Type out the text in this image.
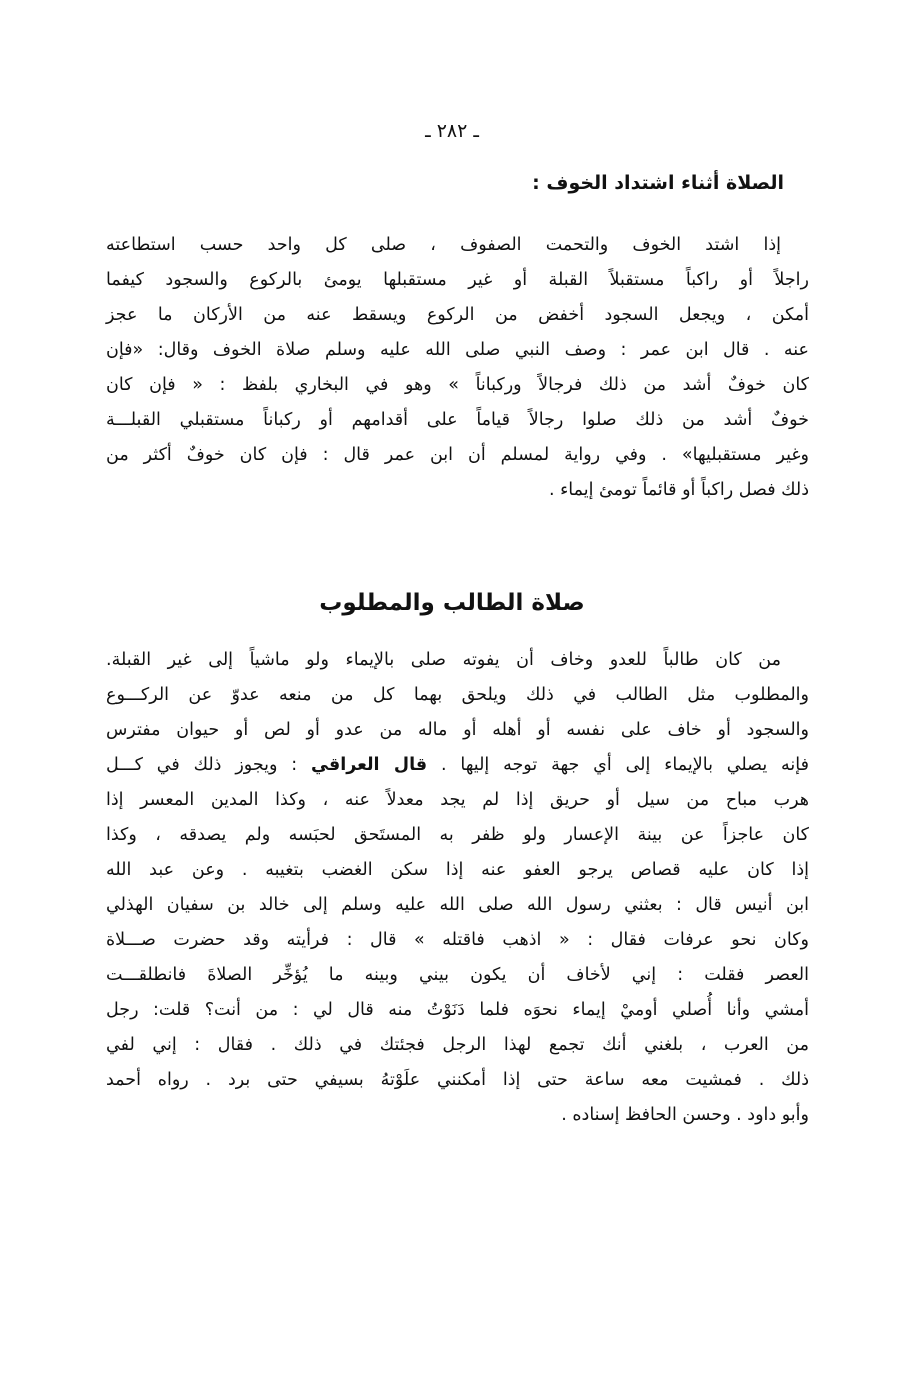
ـ ٢٨٢ ـ
الصلاة أثناء اشتداد الخوف :
إذا اشتد الخوف والتحمت الصفوف ، صلى كل واحد حسب استطاعته
راجلاً أو راكباً مستقبلاً القبلة أو غير مستقبلها يومئ بالركوع والسجود كيفما
أمكن ، ويجعل السجود أخفض من الركوع ويسقط عنه من الأركان ما عجز
عنه . قال ابن عمر : وصف النبي صلى الله عليه وسلم صلاة الخوف وقال: «فإن
كان خوفٌ أشد من ذلك فرجالاً وركباناً » وهو في البخاري بلفظ : « فإن كان
خوفٌ أشد من ذلك صلوا رجالاً قياماً على أقدامهم أو ركباناً مستقبلي القبلـــة
وغير مستقبليها» . وفي رواية لمسلم أن ابن عمر قال : فإن كان خوفٌ أكثر من
ذلك فصل راكباً أو قائماً تومئ إيماء .
صلاة الطالب والمطلوب
من كان طالباً للعدو وخاف أن يفوته صلى بالإيماء ولو ماشياً إلى غير القبلة.
والمطلوب مثل الطالب في ذلك ويلحق بهما كل من منعه عدوّ عن الركـــوع
والسجود أو خاف على نفسه أو أهله أو ماله من عدو أو لص أو حيوان مفترس
فإنه يصلي بالإيماء إلى أي جهة توجه إليها . قال العراقي : ويجوز ذلك في كـــل
هرب مباح من سيل أو حريق إذا لم يجد معدلاً عنه ، وكذا المدين المعسر إذا
كان عاجزاً عن بينة الإعسار ولو ظفر به المستَحق لحبَسه ولم يصدقه ، وكذا
إذا كان عليه قصاص يرجو العفو عنه إذا سكن الغضب بتغيبه . وعن عبد الله
ابن أنيس قال : بعثني رسول الله صلى الله عليه وسلم إلى خالد بن سفيان الهذلي
وكان نحو عرفات فقال : « اذهب فاقتله » قال : فرأيته وقد حضرت صـــلاة
العصر فقلت : إني لأخاف أن يكون بيني وبينه ما يُؤخِّر الصلاةَ فانطلقـــت
أمشي وأنا أُصلي أوميْ إيماء نحوَه فلما دَنَوْتُ منه قال لي : من أنت؟ قلت: رجل
من العرب ، بلغني أنك تجمع لهذا الرجل فجئتك في ذلك . فقال : إني لفي
ذلك . فمشيت معه ساعة حتى إذا أمكنني علَوْتهُ بسيفي حتى برد . رواه أحمد
وأبو داود . وحسن الحافظ إسناده .
